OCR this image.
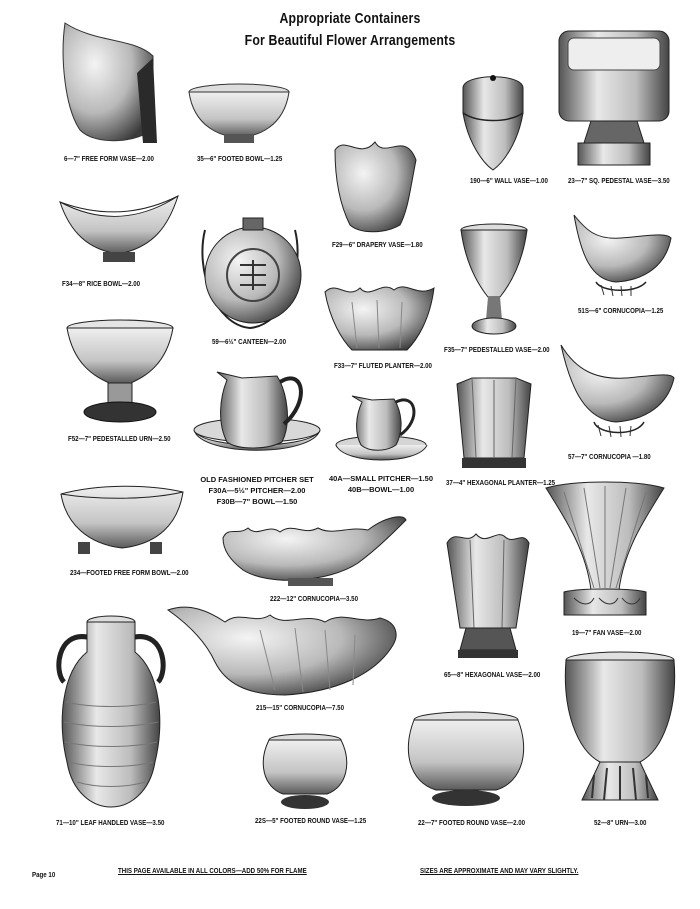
Appropriate Containers
For Beautiful Flower Arrangements
6—7" FREE FORM VASE—2.00	35—6" FOOTED BOWL—1.25
F29—6" DRAPERY VASE—1.80
190—6" WALL VASE—1.00	23—7" SQ. PEDESTAL VASE—3.50
F34—8" RICE BOWL—2.00
59—6½" CANTEEN—2.00
F33—7" FLUTED PLANTER—2.00
F35—7" PEDESTALLED VASE—2.00
51S—6" CORNUCOPIA—1.25
F52—7" PEDESTALLED URN—2.50
OLD FASHIONED PITCHER SET
F30A—5½" PITCHER—2.00
F30B—7" BOWL—1.50
40A—SMALL PITCHER—1.50
40B—BOWL—1.00
37—4" HEXAGONAL PLANTER—1.25
57—7" CORNUCOPIA —1.80
234—FOOTED FREE FORM BOWL—2.00
222—12" CORNUCOPIA—3.50
19—7" FAN VASE—2.00
65—8" HEXAGONAL VASE—2.00
215—15" CORNUCOPIA—7.50
71—10" LEAF HANDLED VASE—3.50	22S—5" FOOTED ROUND VASE—1.25	22—7" FOOTED ROUND VASE—2.00	52—8" URN—3.00
Page 10	THIS PAGE AVAILABLE IN ALL COLORS—ADD 50% FOR FLAME	SIZES ARE APPROXIMATE AND MAY VARY SLIGHTLY.
